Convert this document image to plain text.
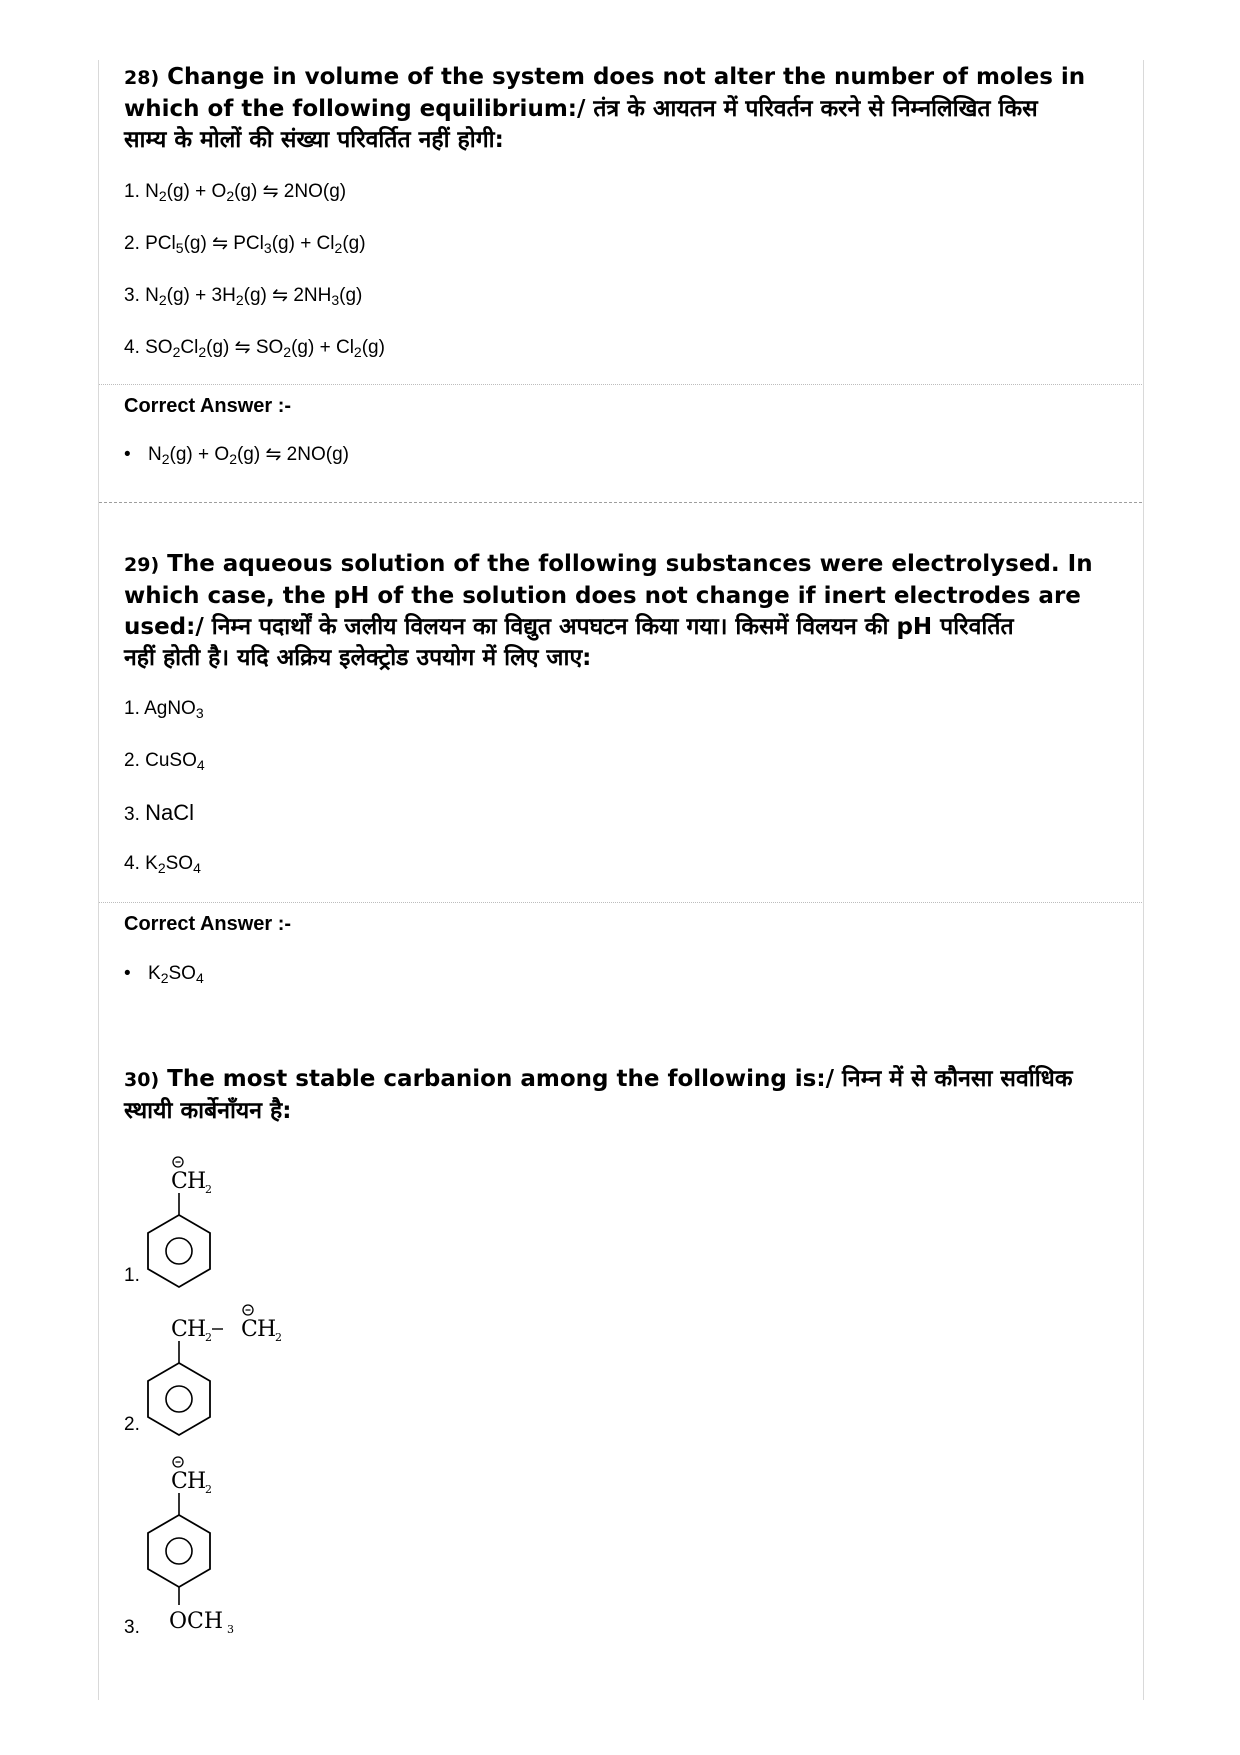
28) Change in volume of the system does not alter the number of moles in
which of the following equilibrium:/ तंत्र के आयतन में परिवर्तन करने से निम्नलिखित किस
साम्य के मोलों की संख्या परिवर्तित नहीं होगी:

1. $N_2(g) + O_2(g)$ ⇋ 2NO(g)
2. PCl$_5$(g) ⇋ $PCl_3(g) + Cl_2(g)$
3. $N_2(g) + 3H_2(g)$ ⇋ $2NH_3(g)$
4. $SO_2Cl_2(g)$ ⇋ $SO_2(g) + Cl_2(g)$
Correct Answer :-
• $N_2(g) + O_2(g)$ ⇋ 2NO(g)

29) The aqueous solution of the following substances were electrolysed. In
which case, the pH of the solution does not change if inert electrodes are
used:/ निम्न पदार्थों के जलीय विलयन का विद्युत अपघटन किया गया। किसमें विलयन की pH परिवर्तित
नहीं होती है। यदि अक्रिय इलेक्ट्रोड उपयोग में लिए जाए:

1. AgNO$_3$
2. CuSO$_4$
3. NaCl
4. $K_2SO_4$
Correct Answer :-
• $K_2SO_4$

30) The most stable carbanion among the following is:/ निम्न में से कौनसा सर्वाधिक
स्थायी कार्बेनाँयन है:

1.
C H
2
2.
C H
2 C H
2
3.
C H
2
OCH 3
